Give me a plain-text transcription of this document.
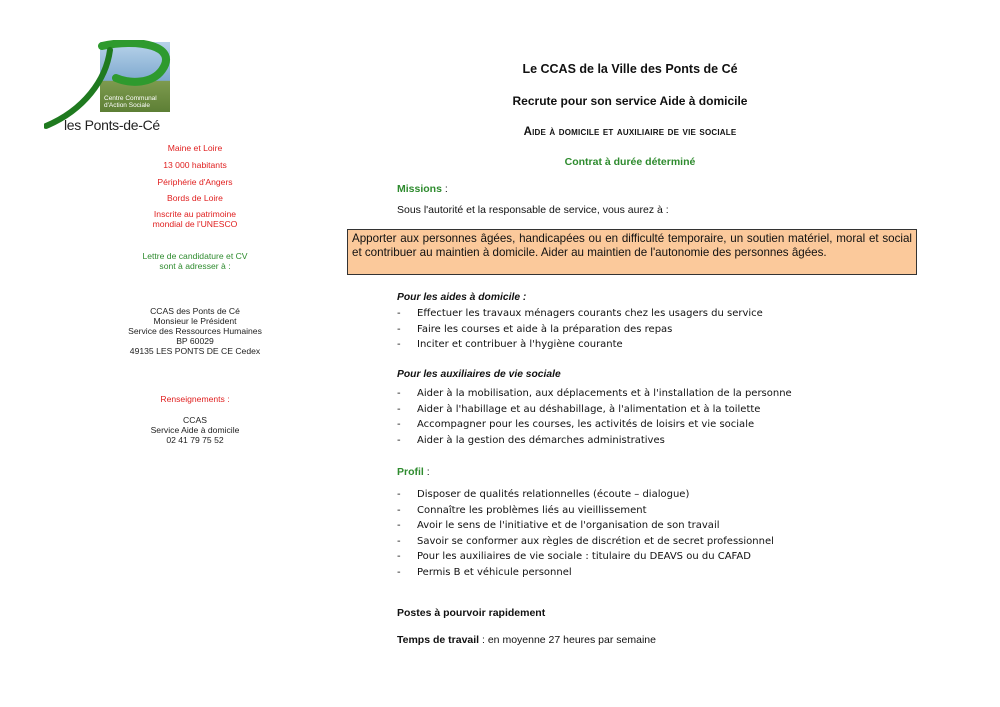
Centre Communal
d'Action Sociale
les Ponts-de-Cé
Maine et Loire
13 000 habitants
Périphérie d'Angers
Bords de Loire
Inscrite au patrimoine
mondial de l'UNESCO
Lettre de candidature et CV
sont à adresser à :
CCAS des Ponts de Cé
Monsieur le Président
Service des Ressources Humaines
BP 60029
49135 LES PONTS DE CE Cedex
Renseignements :
CCAS
Service Aide à domicile
02 41 79 75 52
Le CCAS de la Ville des Ponts de Cé
Recrute pour son service Aide à domicile
Aide à domicile et auxiliaire de vie sociale
Contrat à durée déterminé
Missions :
Sous l'autorité et la responsable de service, vous aurez à :
Apporter aux personnes âgées, handicapées ou en difficulté temporaire, un soutien matériel, moral et social et contribuer au maintien à domicile. Aider au maintien de l'autonomie des personnes âgées.
Pour les aides à domicile :
- Effectuer les travaux ménagers courants chez les usagers du service
- Faire les courses et aide à la préparation des repas
- Inciter et contribuer à l'hygiène courante
Pour les auxiliaires de vie sociale
- Aider à la mobilisation, aux déplacements et à l'installation de la personne
- Aider à l'habillage et au déshabillage, à l'alimentation et à la toilette
- Accompagner pour les courses, les activités de loisirs et vie sociale
- Aider à la gestion des démarches administratives
Profil :
- Disposer de qualités relationnelles (écoute – dialogue)
- Connaître les problèmes liés au vieillissement
- Avoir le sens de l'initiative et de l'organisation de son travail
- Savoir se conformer aux règles de discrétion et de secret professionnel
- Pour les auxiliaires de vie sociale : titulaire du DEAVS ou du CAFAD
- Permis B et véhicule personnel
Postes à pourvoir rapidement
Temps de travail : en moyenne 27 heures par semaine
